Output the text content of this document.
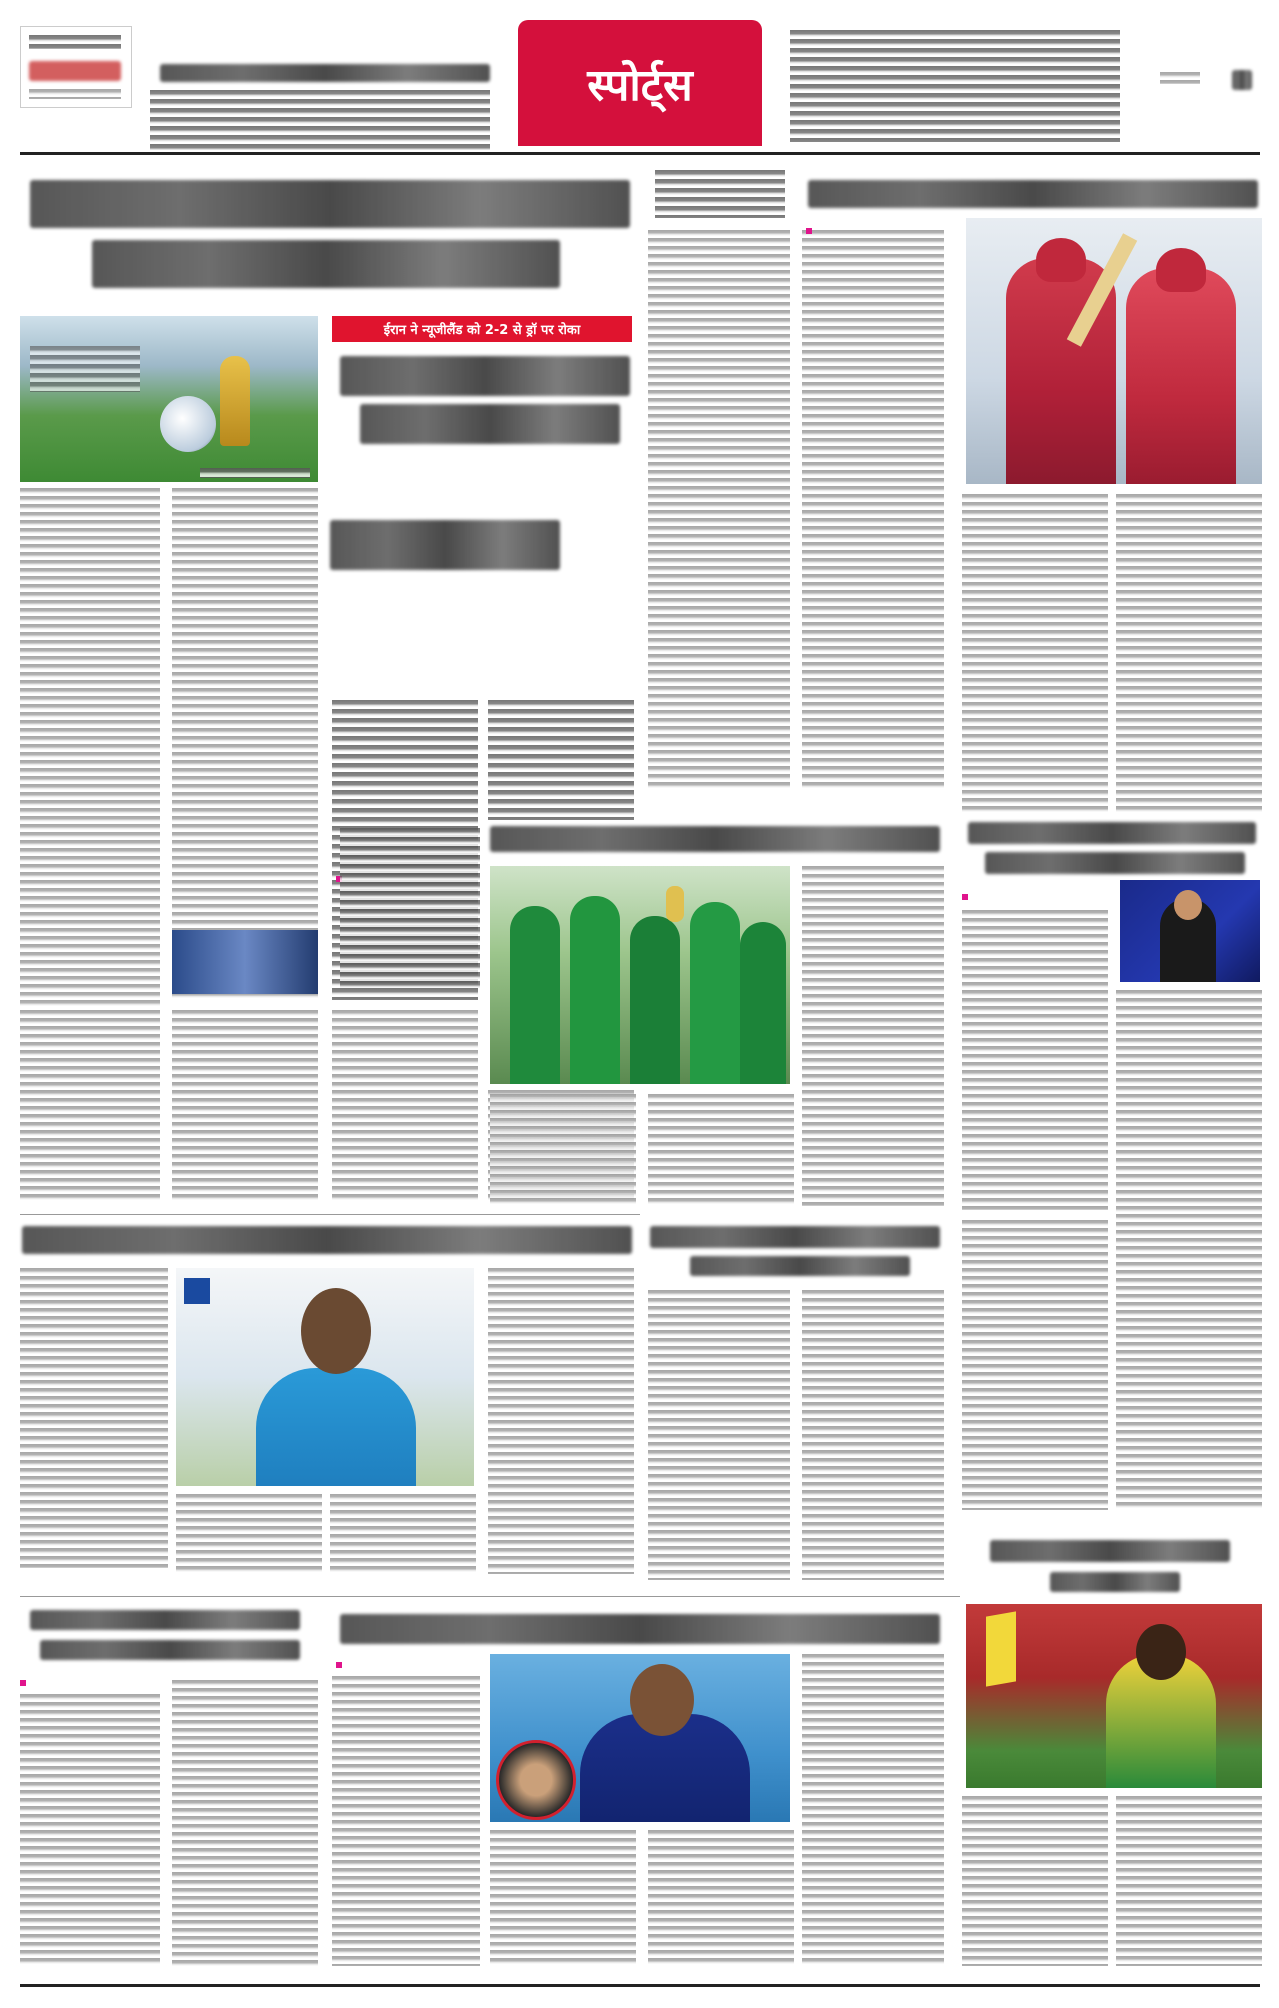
स्पोर्ट्स
ईरान ने न्यूजीलैंड को 2-2 से ड्रॉ पर रोका
